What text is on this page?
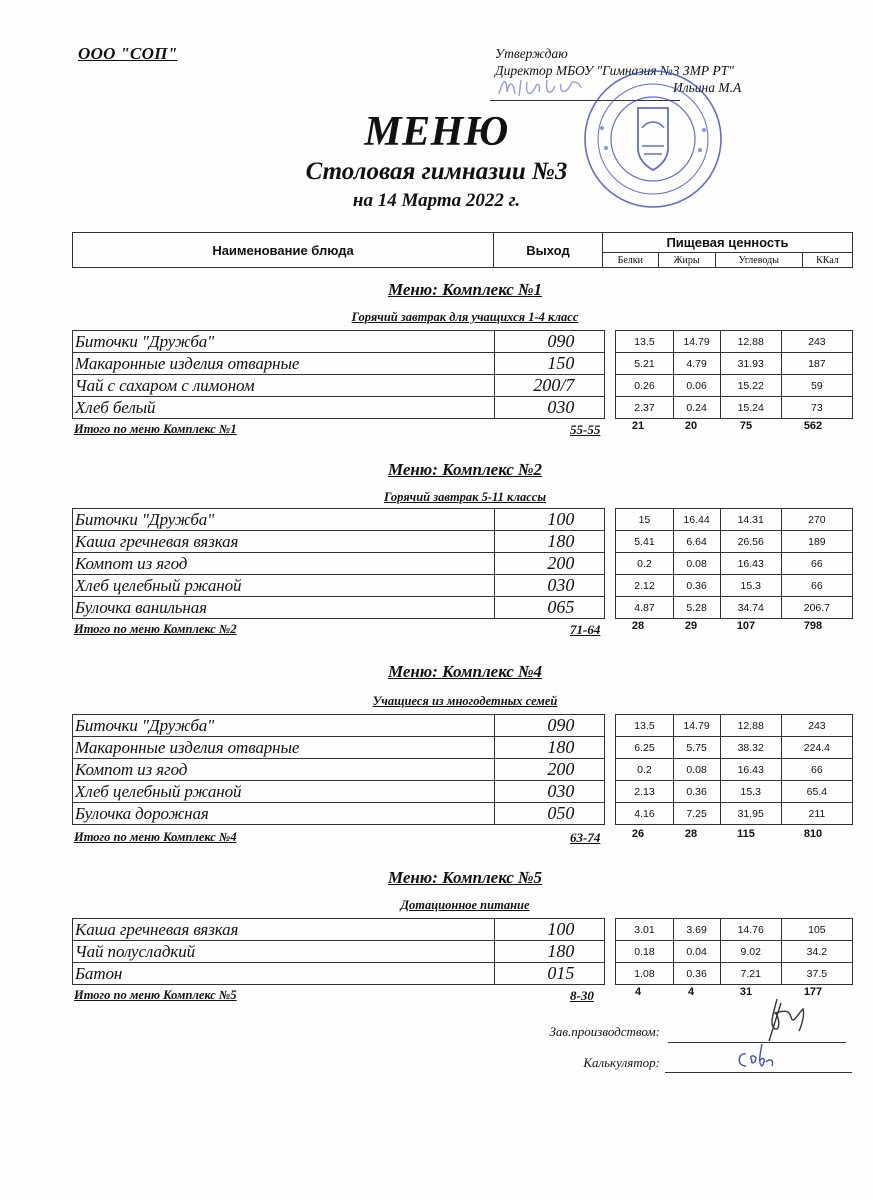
ООО "СОП"	Утверждаю
Директор МБОУ "Гимназия №3 ЗМР РТ"
Ильина М.А
МЕНЮ
Столовая гимназии №3
на 14 Марта 2022 г.
Наименование блюда	Выход	Пищевая ценность			
		Белки	Жиры	Углеводы	ККал
Меню: Комплекс №1
Горячий завтрак для учащихся 1-4 класс
Биточки "Дружба"	090		13.5	14.79	12.88	243
Макаронные изделия отварные	150		5.21	4.79	31.93	187
Чай с сахаром с лимоном	200/7		0.26	0.06	15.22	59
Хлеб белый	030		2.37	0.24	15.24	73
Итого по меню Комплекс №1	55-55	21	20	75	562
Меню: Комплекс №2
Горячий завтрак 5-11 классы
Биточки "Дружба"	100		15	16.44	14.31	270
Каша гречневая вязкая	180		5.41	6.64	26.56	189
Компот из ягод	200		0.2	0.08	16.43	66
Хлеб целебный ржаной	030		2.12	0.36	15.3	66
Булочка ванильная	065		4.87	5.28	34.74	206.7
Итого по меню Комплекс №2	71-64	28	29	107	798
Меню: Комплекс №4
Учащиеся из многодетных семей
Биточки "Дружба"	090		13.5	14.79	12.88	243
Макаронные изделия отварные	180		6.25	5.75	38.32	224.4
Компот из ягод	200		0.2	0.08	16.43	66
Хлеб целебный ржаной	030		2.13	0.36	15.3	65.4
Булочка дорожная	050		4.16	7.25	31.95	211
Итого по меню Комплекс №4	63-74	26	28	115	810
Меню: Комплекс №5
Дотационное питание
Каша гречневая вязкая	100		3.01	3.69	14.76	105
Чай полусладкий	180		0.18	0.04	9.02	34.2
Батон	015		1.08	0.36	7.21	37.5
Итого по меню Комплекс №5	8-30	4	4	31	177
Зав.производством:
Калькулятор:
